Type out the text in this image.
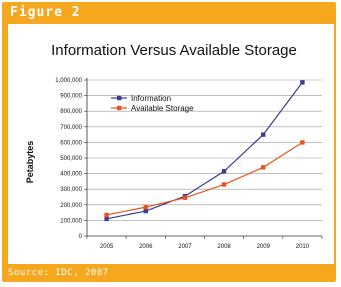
Figure 2
Source: IDC, 2007
Information Versus Available Storage
Petabytes
0
100,000
200,000
300,000
400,000
500,000
600,000
700,000
800,000
900,000
1,000,000
2005	2006	2007	2008	2009	2010
Information
Available Storage
